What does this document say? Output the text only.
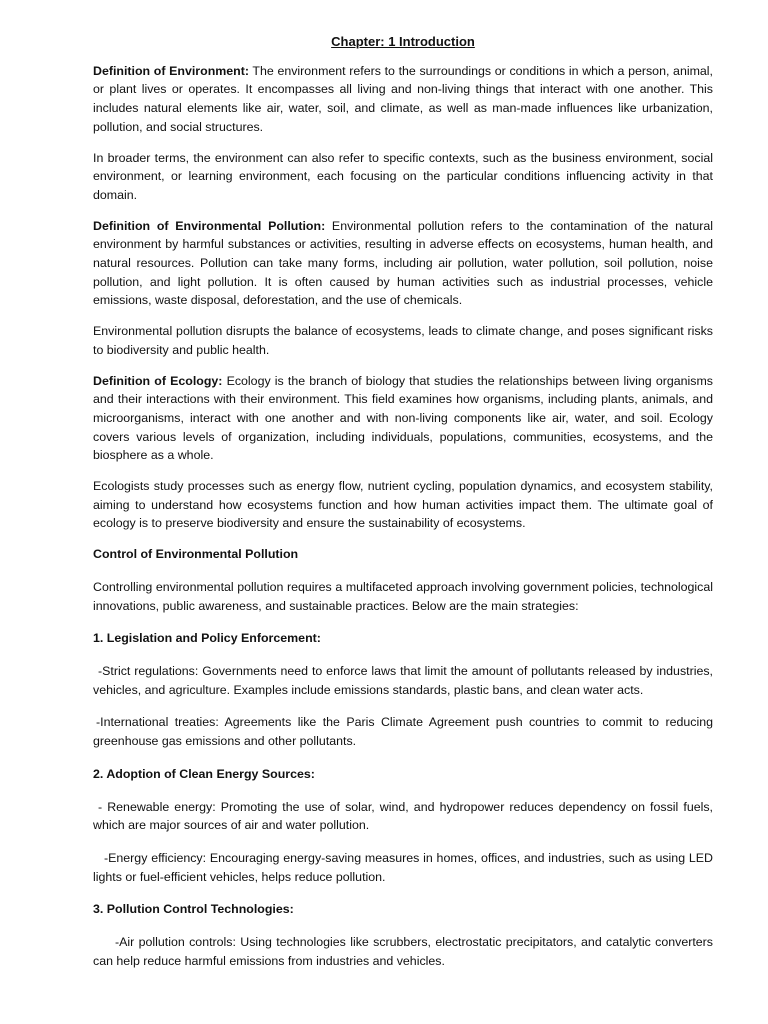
Chapter: 1 Introduction

Definition of Environment: The environment refers to the surroundings or conditions in which a person, animal, or plant lives or operates. It encompasses all living and non-living things that interact with one another. This includes natural elements like air, water, soil, and climate, as well as man-made influences like urbanization, pollution, and social structures.

In broader terms, the environment can also refer to specific contexts, such as the business environment, social environment, or learning environment, each focusing on the particular conditions influencing activity in that domain.

Definition of Environmental Pollution: Environmental pollution refers to the contamination of the natural environment by harmful substances or activities, resulting in adverse effects on ecosystems, human health, and natural resources. Pollution can take many forms, including air pollution, water pollution, soil pollution, noise pollution, and light pollution. It is often caused by human activities such as industrial processes, vehicle emissions, waste disposal, deforestation, and the use of chemicals.

Environmental pollution disrupts the balance of ecosystems, leads to climate change, and poses significant risks to biodiversity and public health.

Definition of Ecology: Ecology is the branch of biology that studies the relationships between living organisms and their interactions with their environment. This field examines how organisms, including plants, animals, and microorganisms, interact with one another and with non-living components like air, water, and soil. Ecology covers various levels of organization, including individuals, populations, communities, ecosystems, and the biosphere as a whole.

Ecologists study processes such as energy flow, nutrient cycling, population dynamics, and ecosystem stability, aiming to understand how ecosystems function and how human activities impact them. The ultimate goal of ecology is to preserve biodiversity and ensure the sustainability of ecosystems.

Control of Environmental Pollution

Controlling environmental pollution requires a multifaceted approach involving government policies, technological innovations, public awareness, and sustainable practices. Below are the main strategies:

1. Legislation and Policy Enforcement:

-Strict regulations: Governments need to enforce laws that limit the amount of pollutants released by industries, vehicles, and agriculture. Examples include emissions standards, plastic bans, and clean water acts.

-International treaties: Agreements like the Paris Climate Agreement push countries to commit to reducing greenhouse gas emissions and other pollutants.

2. Adoption of Clean Energy Sources:

- Renewable energy: Promoting the use of solar, wind, and hydropower reduces dependency on fossil fuels, which are major sources of air and water pollution.

-Energy efficiency: Encouraging energy-saving measures in homes, offices, and industries, such as using LED lights or fuel-efficient vehicles, helps reduce pollution.

3. Pollution Control Technologies:

-Air pollution controls: Using technologies like scrubbers, electrostatic precipitators, and catalytic converters can help reduce harmful emissions from industries and vehicles.
